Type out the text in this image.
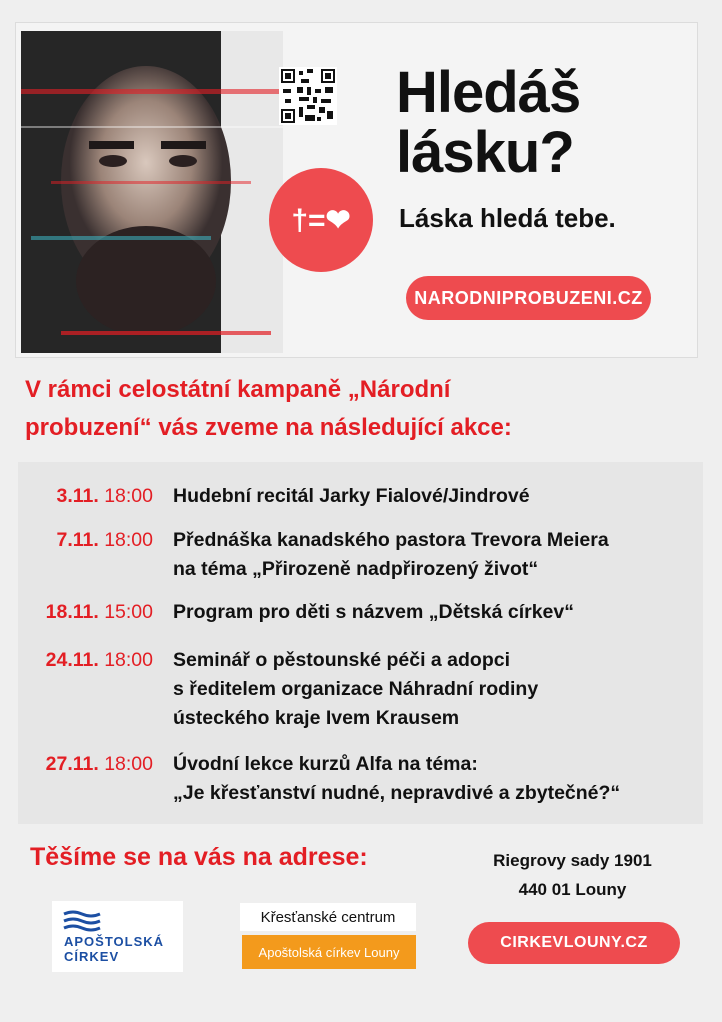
†=❤
Hledáš
lásku?
Láska hledá tebe.
NARODNIPROBUZENI.CZ
V rámci celostátní kampaně „Národní
probuzení“ vás zveme na následující akce:
3.11. 18:00 Hudební recitál Jarky Fialové/Jindrové
7.11. 18:00 Přednáška kanadského pastora Trevora Meiera
na téma „Přirozeně nadpřirozený život“
18.11. 15:00 Program pro děti s názvem „Dětská církev“
24.11. 18:00 Seminář o pěstounské péči a adopci
s ředitelem organizace Náhradní rodiny
ústeckého kraje Ivem Krausem
27.11. 18:00 Úvodní lekce kurzů Alfa na téma:
„Je křesťanství nudné, nepravdivé a zbytečné?“
Těšíme se na vás na adrese:	Riegrovy sady 1901
440 01 Louny
APOŠTOLSKÁ
CÍRKEV
Křesťanské centrum
Apoštolská církev Louny
CIRKEVLOUNY.CZ
